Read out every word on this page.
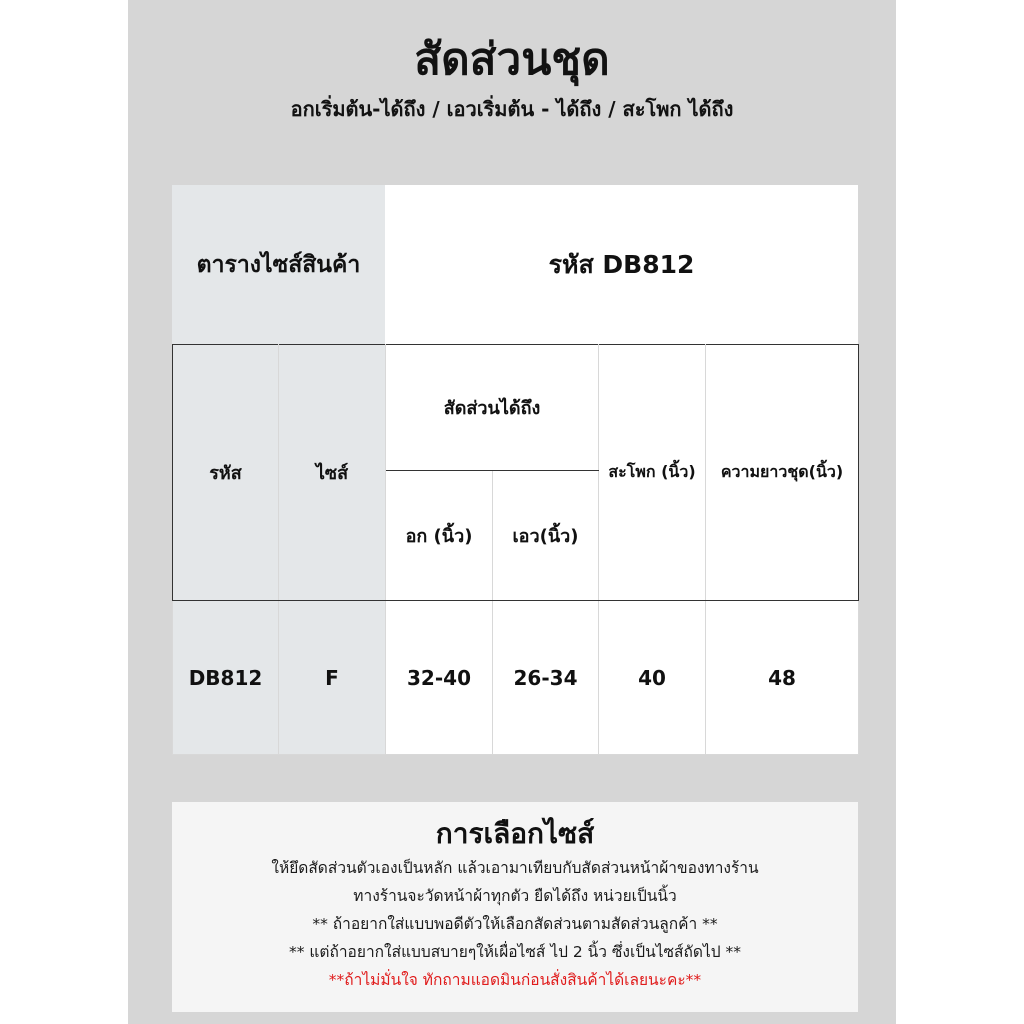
สัดส่วนชุด
อกเริ่มต้น-ได้ถึง / เอวเริ่มต้น - ได้ถึง / สะโพก ได้ถึง
ตารางไซส์สินค้า	รหัส DB812
รหัส	ไซส์	สัดส่วนได้ถึง		สะโพก (นิ้ว)	ความยาวชุด(นิ้ว)
		อก (นิ้ว)	เอว(นิ้ว)		
DB812	F	32-40	26-34	40	48
การเลือกไซส์
ให้ยึดสัดส่วนตัวเองเป็นหลัก แล้วเอามาเทียบกับสัดส่วนหน้าผ้าของทางร้าน
ทางร้านจะวัดหน้าผ้าทุกตัว ยืดได้ถึง หน่วยเป็นนิ้ว
** ถ้าอยากใส่แบบพอดีตัวให้เลือกสัดส่วนตามสัดส่วนลูกค้า **
** แต่ถ้าอยากใส่แบบสบายๆให้เผื่อไซส์ ไป 2 นิ้ว ซึ่งเป็นไซส์ถัดไป **
**ถ้าไม่มั่นใจ ทักถามแอดมินก่อนสั่งสินค้าได้เลยนะคะ**
